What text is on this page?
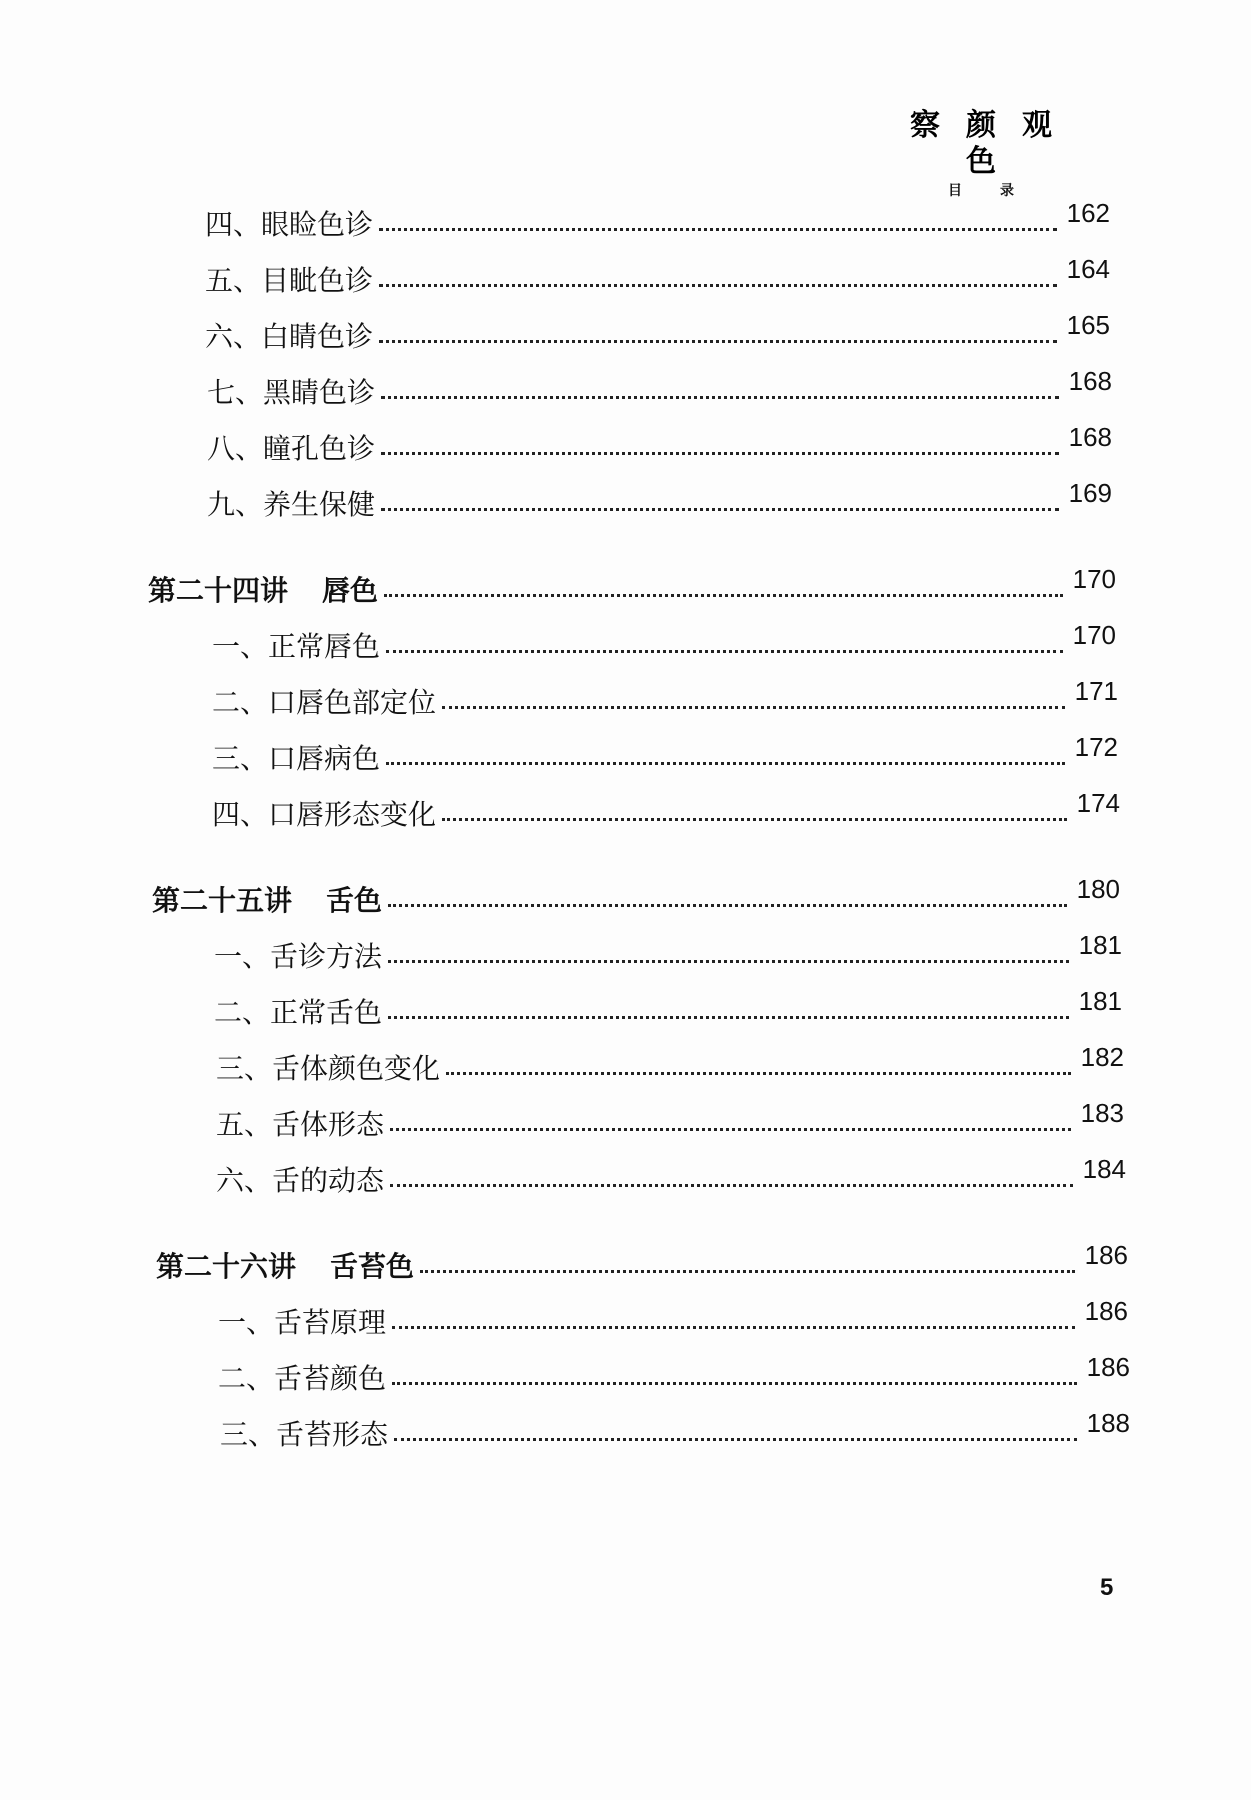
察颜观色
目录
四、眼睑色诊	162
五、目眦色诊	164
六、白睛色诊	165
七、黑睛色诊	168
八、瞳孔色诊	168
九、养生保健	169
第二十四讲 唇色	170
一、正常唇色	170
二、口唇色部定位	171
三、口唇病色	172
四、口唇形态变化	174
第二十五讲 舌色	180
一、舌诊方法	181
二、正常舌色	181
三、舌体颜色变化	182
五、舌体形态	183
六、舌的动态	184
第二十六讲 舌苔色	186
一、舌苔原理	186
二、舌苔颜色	186
三、舌苔形态	188
5
